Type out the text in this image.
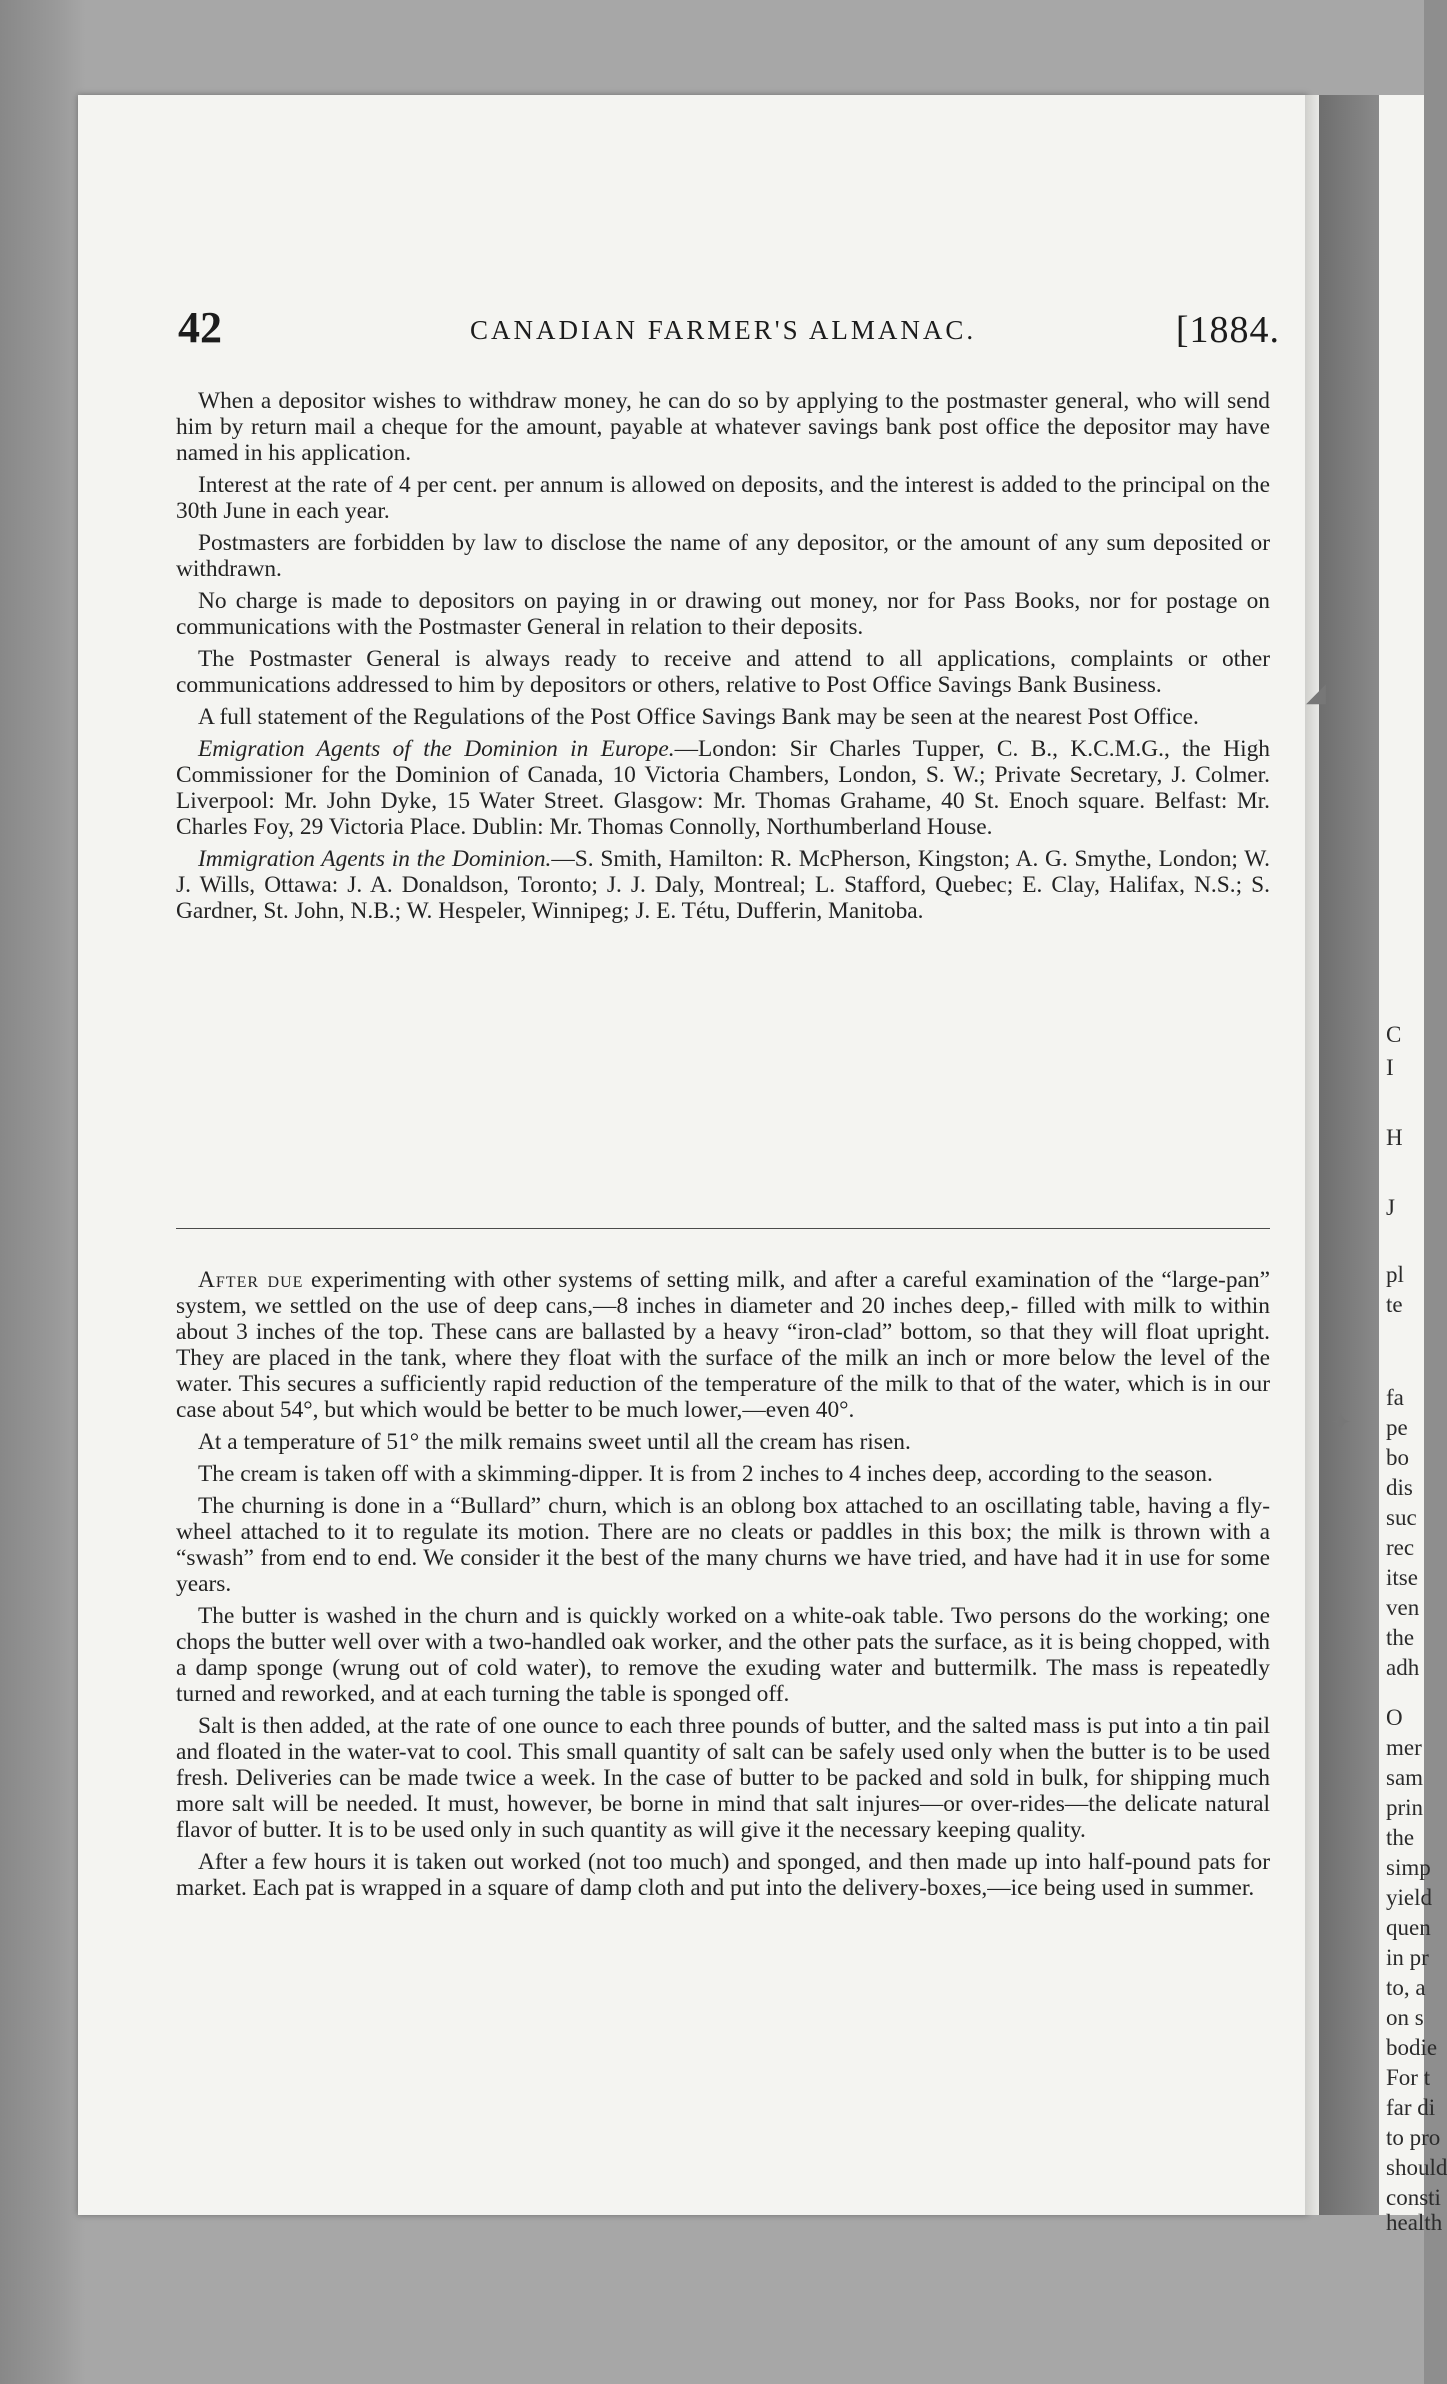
C
I
H
J
pl
te
fa
pe
bo
dis
suc
rec
itse
ven
the
adh
O
mer
sam
prin
the
simp
yield
quen
in pr
to, a
on s
bodie
For t
far di
to pro
should
consti
health
◢
✦
42	CANADIAN FARMER'S ALMANAC.	[1884.

When a depositor wishes to withdraw money, he can do so by applying to the postmaster general, who will send him by return mail a cheque for the amount, payable at whatever savings bank post office the depositor may have named in his application.

Interest at the rate of 4 per cent. per annum is allowed on deposits, and the interest is added to the principal on the 30th June in each year.

Postmasters are forbidden by law to disclose the name of any depositor, or the amount of any sum deposited or withdrawn.

No charge is made to depositors on paying in or drawing out money, nor for Pass Books, nor for postage on communications with the Postmaster General in relation to their deposits.

The Postmaster General is always ready to receive and attend to all applications, complaints or other communications addressed to him by depositors or others, relative to Post Office Savings Bank Business.

A full statement of the Regulations of the Post Office Savings Bank may be seen at the nearest Post Office.

Emigration Agents of the Dominion in Europe.—London: Sir Charles Tupper, C. B., K.C.M.G., the High Commissioner for the Dominion of Canada, 10 Victoria Chambers, London, S. W.; Private Secretary, J. Colmer. Liverpool: Mr. John Dyke, 15 Water Street. Glasgow: Mr. Thomas Grahame, 40 St. Enoch square. Belfast: Mr. Charles Foy, 29 Victoria Place. Dublin: Mr. Thomas Connolly, Northumberland House.

Immigration Agents in the Dominion.—S. Smith, Hamilton: R. McPherson, Kingston; A. G. Smythe, London; W. J. Wills, Ottawa: J. A. Donaldson, Toronto; J. J. Daly, Montreal; L. Stafford, Quebec; E. Clay, Halifax, N.S.; S. Gardner, St. John, N.B.; W. Hespeler, Winnipeg; J. E. Tétu, Dufferin, Manitoba.

After due experimenting with other systems of setting milk, and after a careful examination of the “large-pan” system, we settled on the use of deep cans,—8 inches in diameter and 20 inches deep,- filled with milk to within about 3 inches of the top. These cans are ballasted by a heavy “iron-clad” bottom, so that they will float upright. They are placed in the tank, where they float with the surface of the milk an inch or more below the level of the water. This secures a sufficiently rapid reduction of the temperature of the milk to that of the water, which is in our case about 54°, but which would be better to be much lower,—even 40°.

At a temperature of 51° the milk remains sweet until all the cream has risen.

The cream is taken off with a skimming-dipper. It is from 2 inches to 4 inches deep, according to the season.

The churning is done in a “Bullard” churn, which is an oblong box attached to an oscillating table, having a fly-wheel attached to it to regulate its motion. There are no cleats or paddles in this box; the milk is thrown with a “swash” from end to end. We consider it the best of the many churns we have tried, and have had it in use for some years.

The butter is washed in the churn and is quickly worked on a white-oak table. Two persons do the working; one chops the butter well over with a two-handled oak worker, and the other pats the surface, as it is being chopped, with a damp sponge (wrung out of cold water), to remove the exuding water and buttermilk. The mass is repeatedly turned and reworked, and at each turning the table is sponged off.

Salt is then added, at the rate of one ounce to each three pounds of butter, and the salted mass is put into a tin pail and floated in the water-vat to cool. This small quantity of salt can be safely used only when the butter is to be used fresh. Deliveries can be made twice a week. In the case of butter to be packed and sold in bulk, for shipping much more salt will be needed. It must, however, be borne in mind that salt injures—or over-rides—the delicate natural flavor of butter. It is to be used only in such quantity as will give it the necessary keeping quality.

After a few hours it is taken out worked (not too much) and sponged, and then made up into half-pound pats for market. Each pat is wrapped in a square of damp cloth and put into the delivery-boxes,—ice being used in summer.
